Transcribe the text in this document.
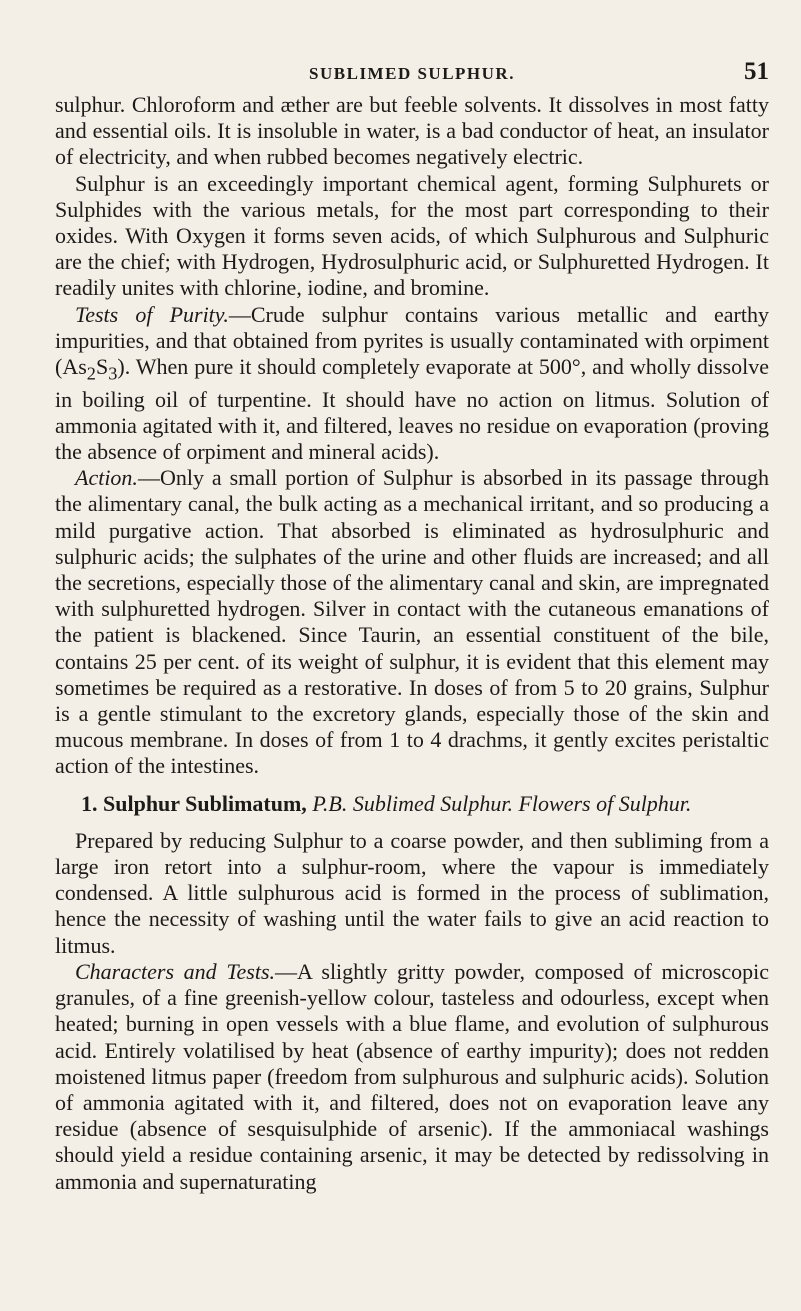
SUBLIMED SULPHUR.	51

sulphur. Chloroform and æther are but feeble solvents. It dissolves in most fatty and essential oils. It is insoluble in water, is a bad conductor of heat, an insulator of electricity, and when rubbed becomes negatively electric.

Sulphur is an exceedingly important chemical agent, forming Sulphurets or Sulphides with the various metals, for the most part corresponding to their oxides. With Oxygen it forms seven acids, of which Sulphurous and Sulphuric are the chief; with Hydrogen, Hydrosulphuric acid, or Sulphuretted Hydrogen. It readily unites with chlorine, iodine, and bromine.

Tests of Purity.—Crude sulphur contains various metallic and earthy impurities, and that obtained from pyrites is usually contaminated with orpiment $(As_2S_3)$. When pure it should completely evaporate at 500°, and wholly dissolve in boiling oil of turpentine. It should have no action on litmus. Solution of ammonia agitated with it, and filtered, leaves no residue on evaporation (proving the absence of orpiment and mineral acids).

Action.—Only a small portion of Sulphur is absorbed in its passage through the alimentary canal, the bulk acting as a mechanical irritant, and so producing a mild purgative action. That absorbed is eliminated as hydrosulphuric and sulphuric acids; the sulphates of the urine and other fluids are increased; and all the secretions, especially those of the alimentary canal and skin, are impregnated with sulphuretted hydrogen. Silver in contact with the cutaneous emanations of the patient is blackened. Since Taurin, an essential constituent of the bile, contains 25 per cent. of its weight of sulphur, it is evident that this element may sometimes be required as a restorative. In doses of from 5 to 20 grains, Sulphur is a gentle stimulant to the excretory glands, especially those of the skin and mucous membrane. In doses of from 1 to 4 drachms, it gently excites peristaltic action of the intestines.

1. Sulphur Sublimatum, P.B. Sublimed Sulphur. Flowers of Sulphur.

Prepared by reducing Sulphur to a coarse powder, and then subliming from a large iron retort into a sulphur-room, where the vapour is immediately condensed. A little sulphurous acid is formed in the process of sublimation, hence the necessity of washing until the water fails to give an acid reaction to litmus.

Characters and Tests.—A slightly gritty powder, composed of microscopic granules, of a fine greenish-yellow colour, tasteless and odourless, except when heated; burning in open vessels with a blue flame, and evolution of sulphurous acid. Entirely volatilised by heat (absence of earthy impurity); does not redden moistened litmus paper (freedom from sulphurous and sulphuric acids). Solution of ammonia agitated with it, and filtered, does not on evaporation leave any residue (absence of sesquisulphide of arsenic). If the ammoniacal washings should yield a residue containing arsenic, it may be detected by redissolving in ammonia and supernaturating
